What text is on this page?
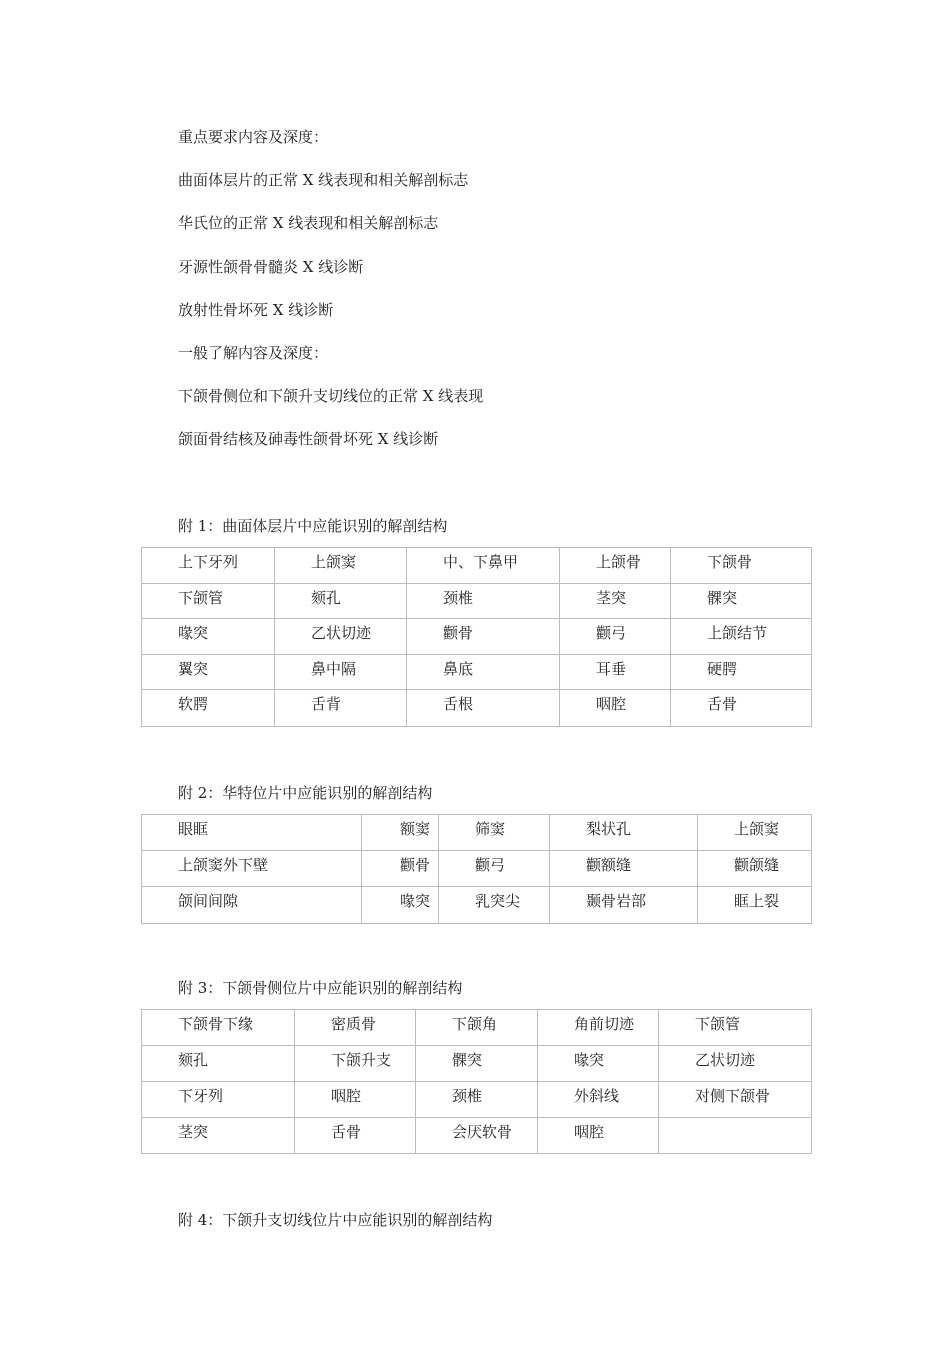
重点要求内容及深度：
曲面体层片的正常 X 线表现和相关解剖标志
华氏位的正常 X 线表现和相关解剖标志
牙源性颌骨骨髓炎 X 线诊断
放射性骨坏死 X 线诊断
一般了解内容及深度：
下颌骨侧位和下颌升支切线位的正常 X 线表现
颌面骨结核及砷毒性颌骨坏死 X 线诊断
附 1：曲面体层片中应能识别的解剖结构
上下牙列	上颌窦	中、下鼻甲	上颌骨	下颌骨
下颌管	颏孔	颈椎	茎突	髁突
喙突	乙状切迹	颧骨	颧弓	上颌结节
翼突	鼻中隔	鼻底	耳垂	硬腭
软腭	舌背	舌根	咽腔	舌骨
附 2：华特位片中应能识别的解剖结构
眼眶	额窦	筛窦	梨状孔	上颌窦
上颌窦外下壁	颧骨	颧弓	颧额缝	颧颌缝
颌间间隙	喙突	乳突尖	颞骨岩部	眶上裂
附 3：下颌骨侧位片中应能识别的解剖结构
下颌骨下缘	密质骨	下颌角	角前切迹	下颌管
颏孔	下颌升支	髁突	喙突	乙状切迹
下牙列	咽腔	颈椎	外斜线	对侧下颌骨
茎突	舌骨	会厌软骨	咽腔	
附 4：下颌升支切线位片中应能识别的解剖结构
